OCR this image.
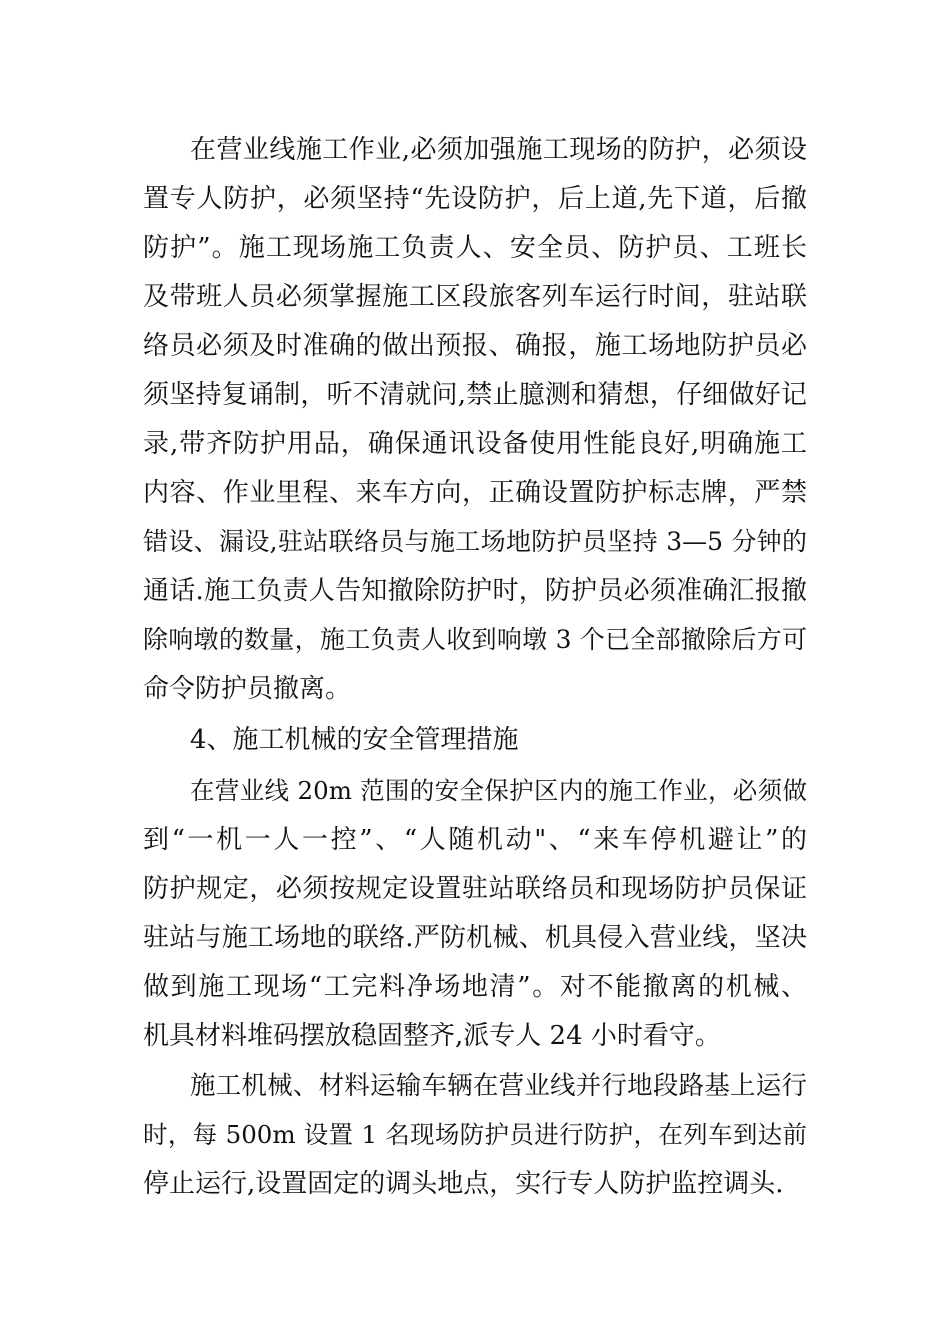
在营业线施工作业,必须加强施工现场的防护，必须设
置专人防护，必须坚持“先设防护，后上道,先下道，后撤
防护”。施工现场施工负责人、安全员、防护员、工班长
及带班人员必须掌握施工区段旅客列车运行时间，驻站联
络员必须及时准确的做出预报、确报，施工场地防护员必
须坚持复诵制，听不清就问,禁止臆测和猜想，仔细做好记
录,带齐防护用品，确保通讯设备使用性能良好,明确施工
内容、作业里程、来车方向，正确设置防护标志牌，严禁
错设、漏设,驻站联络员与施工场地防护员坚持 3—5 分钟的
通话.施工负责人告知撤除防护时，防护员必须准确汇报撤
除响墩的数量，施工负责人收到响墩 3 个已全部撤除后方可
命令防护员撤离。
4、施工机械的安全管理措施
在营业线 20m 范围的安全保护区内的施工作业，必须做
到“一机一人一控”、“人随机动"、“来车停机避让”的
防护规定，必须按规定设置驻站联络员和现场防护员保证
驻站与施工场地的联络.严防机械、机具侵入营业线，坚决
做到施工现场“工完料净场地清”。对不能撤离的机械、
机具材料堆码摆放稳固整齐,派专人 24 小时看守。
施工机械、材料运输车辆在营业线并行地段路基上运行
时，每 500m 设置 1 名现场防护员进行防护，在列车到达前
停止运行,设置固定的调头地点，实行专人防护监控调头.
